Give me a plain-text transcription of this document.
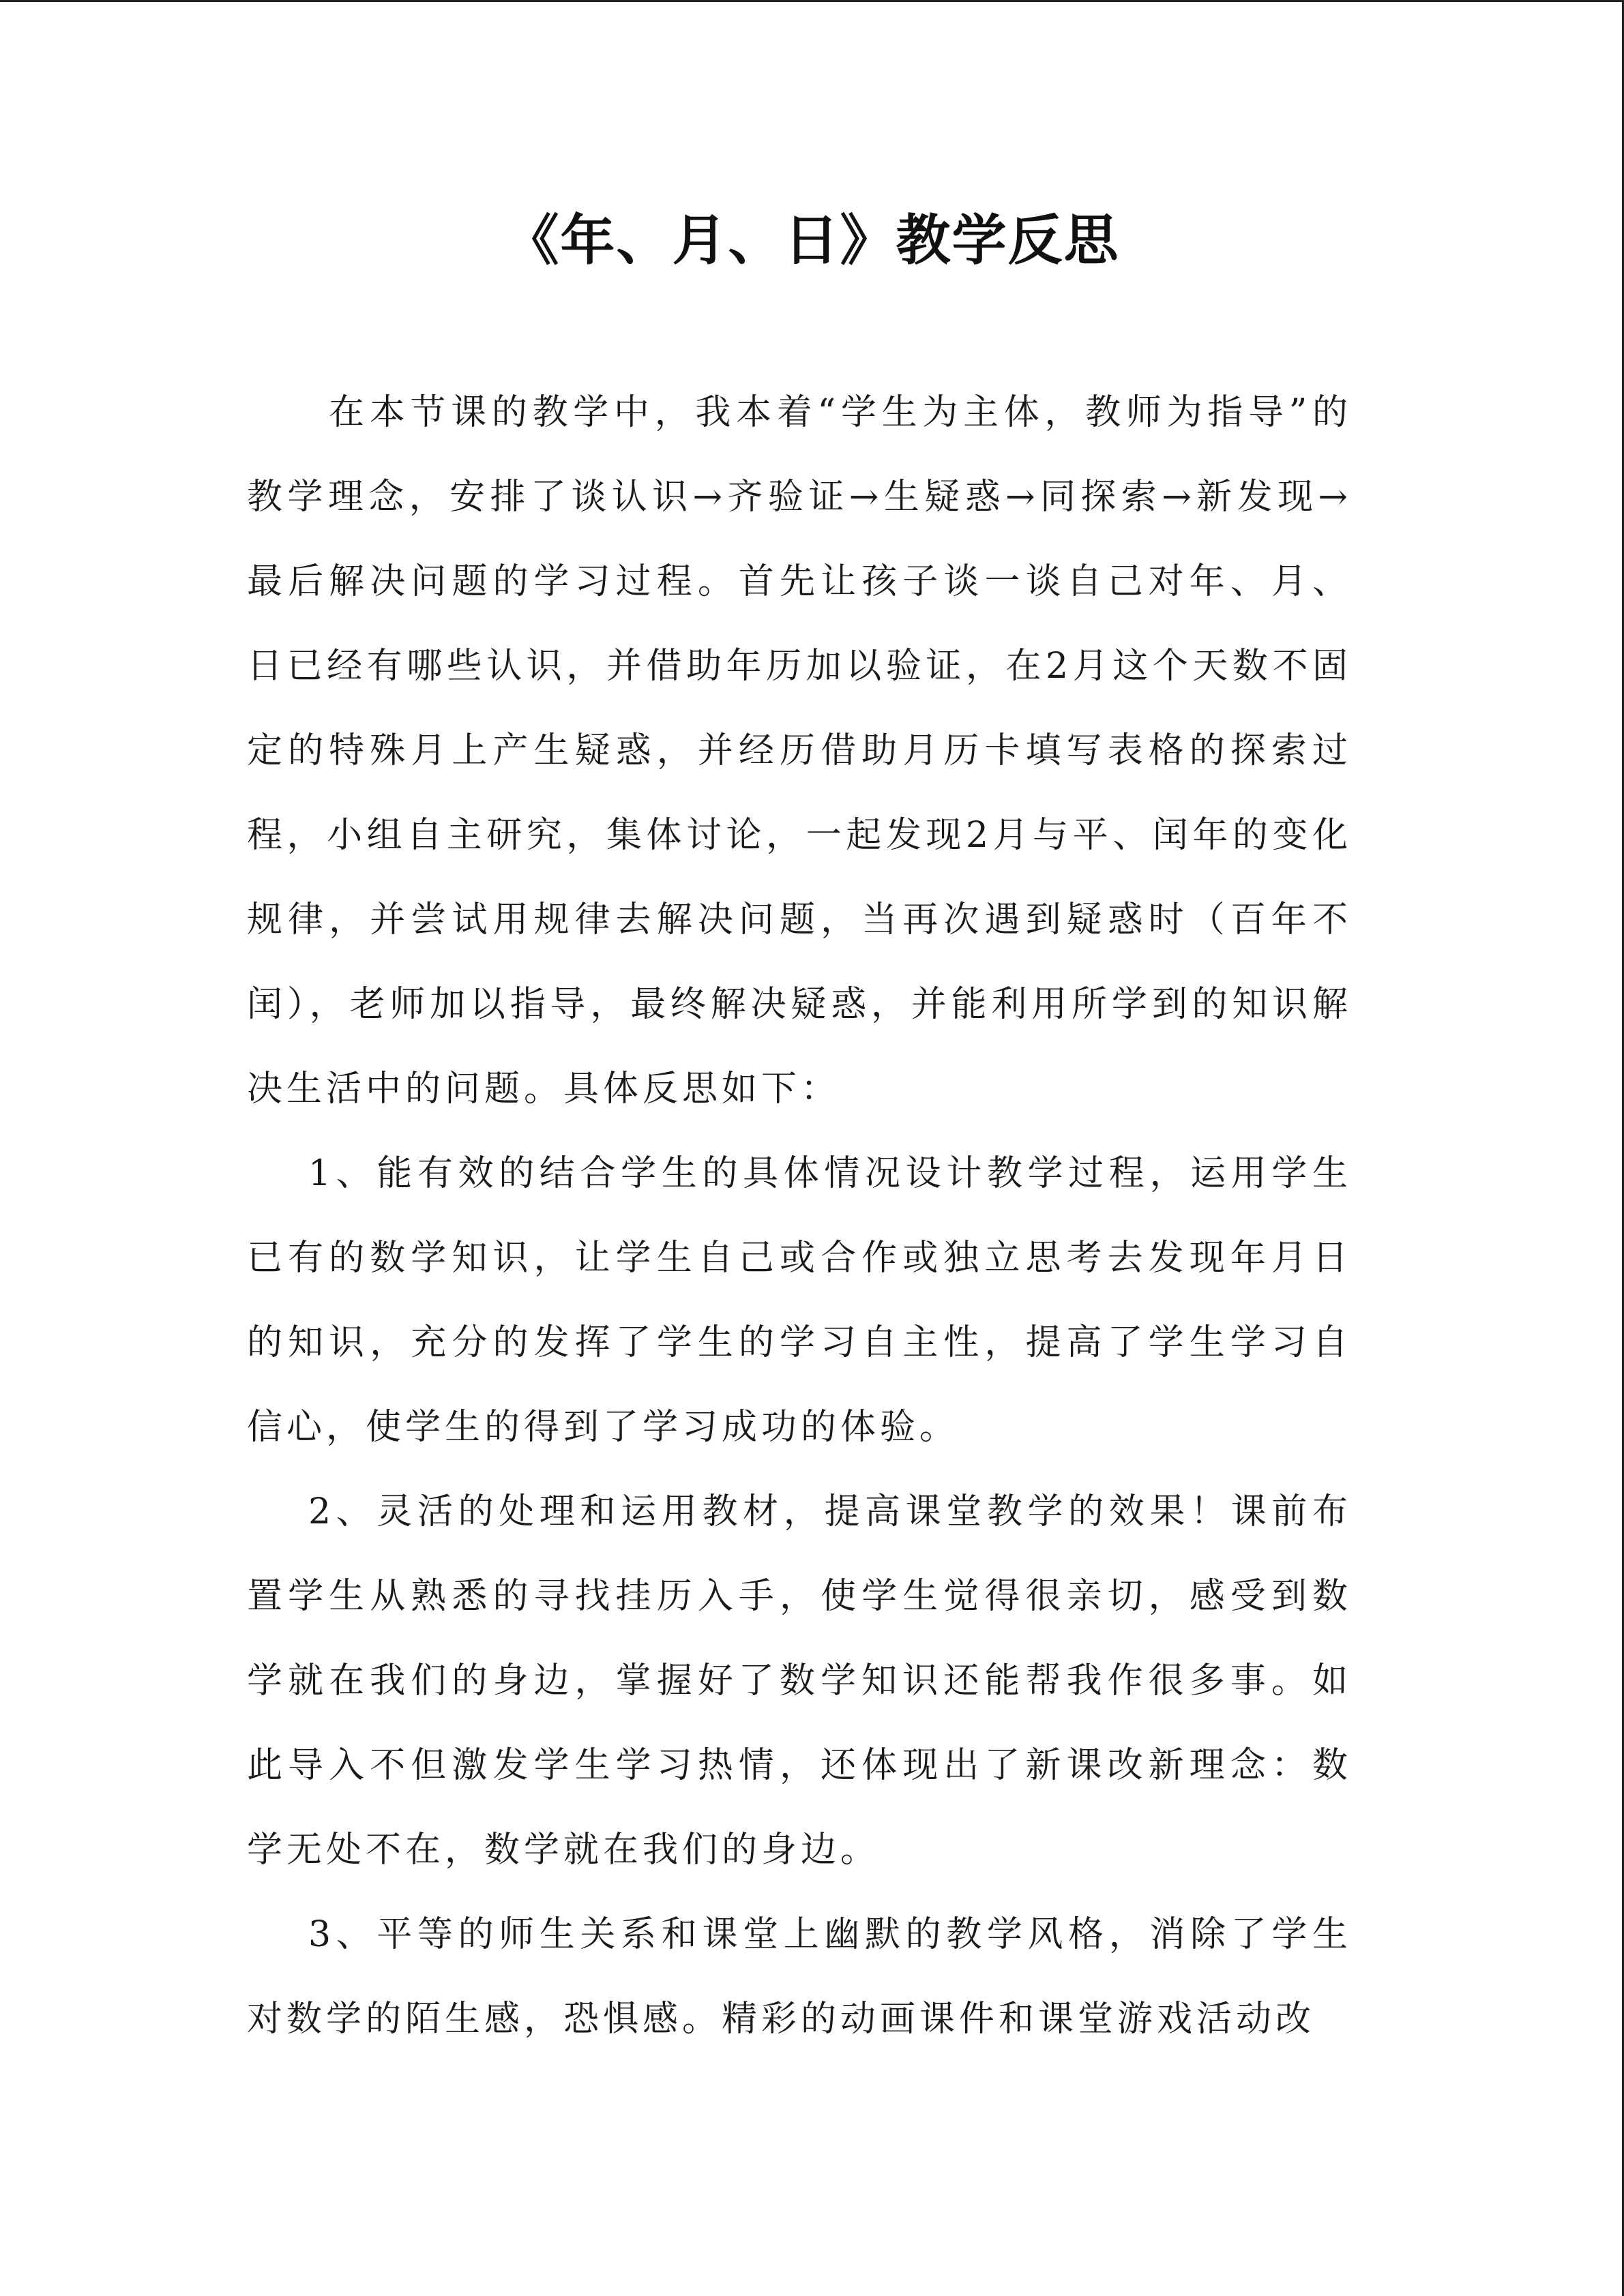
《年、月、日》教学反思

在本节课的教学中，我本着“学生为主体，教师为指导”的教学理念，安排了谈认识→齐验证→生疑惑→同探索→新发现→最后解决问题的学习过程。首先让孩子谈一谈自己对年、月、日已经有哪些认识，并借助年历加以验证，在2月这个天数不固定的特殊月上产生疑惑，并经历借助月历卡填写表格的探索过程，小组自主研究，集体讨论，一起发现2月与平、闰年的变化规律，并尝试用规律去解决问题，当再次遇到疑惑时（百年不闰），老师加以指导，最终解决疑惑，并能利用所学到的知识解决生活中的问题。具体反思如下：

1、能有效的结合学生的具体情况设计教学过程，运用学生已有的数学知识，让学生自己或合作或独立思考去发现年月日的知识，充分的发挥了学生的学习自主性，提高了学生学习自信心，使学生的得到了学习成功的体验。

2、灵活的处理和运用教材，提高课堂教学的效果！课前布置学生从熟悉的寻找挂历入手，使学生觉得很亲切，感受到数学就在我们的身边，掌握好了数学知识还能帮我作很多事。如此导入不但激发学生学习热情，还体现出了新课改新理念：数学无处不在，数学就在我们的身边。

3、平等的师生关系和课堂上幽默的教学风格，消除了学生对数学的陌生感，恐惧感。精彩的动画课件和课堂游戏活动改
